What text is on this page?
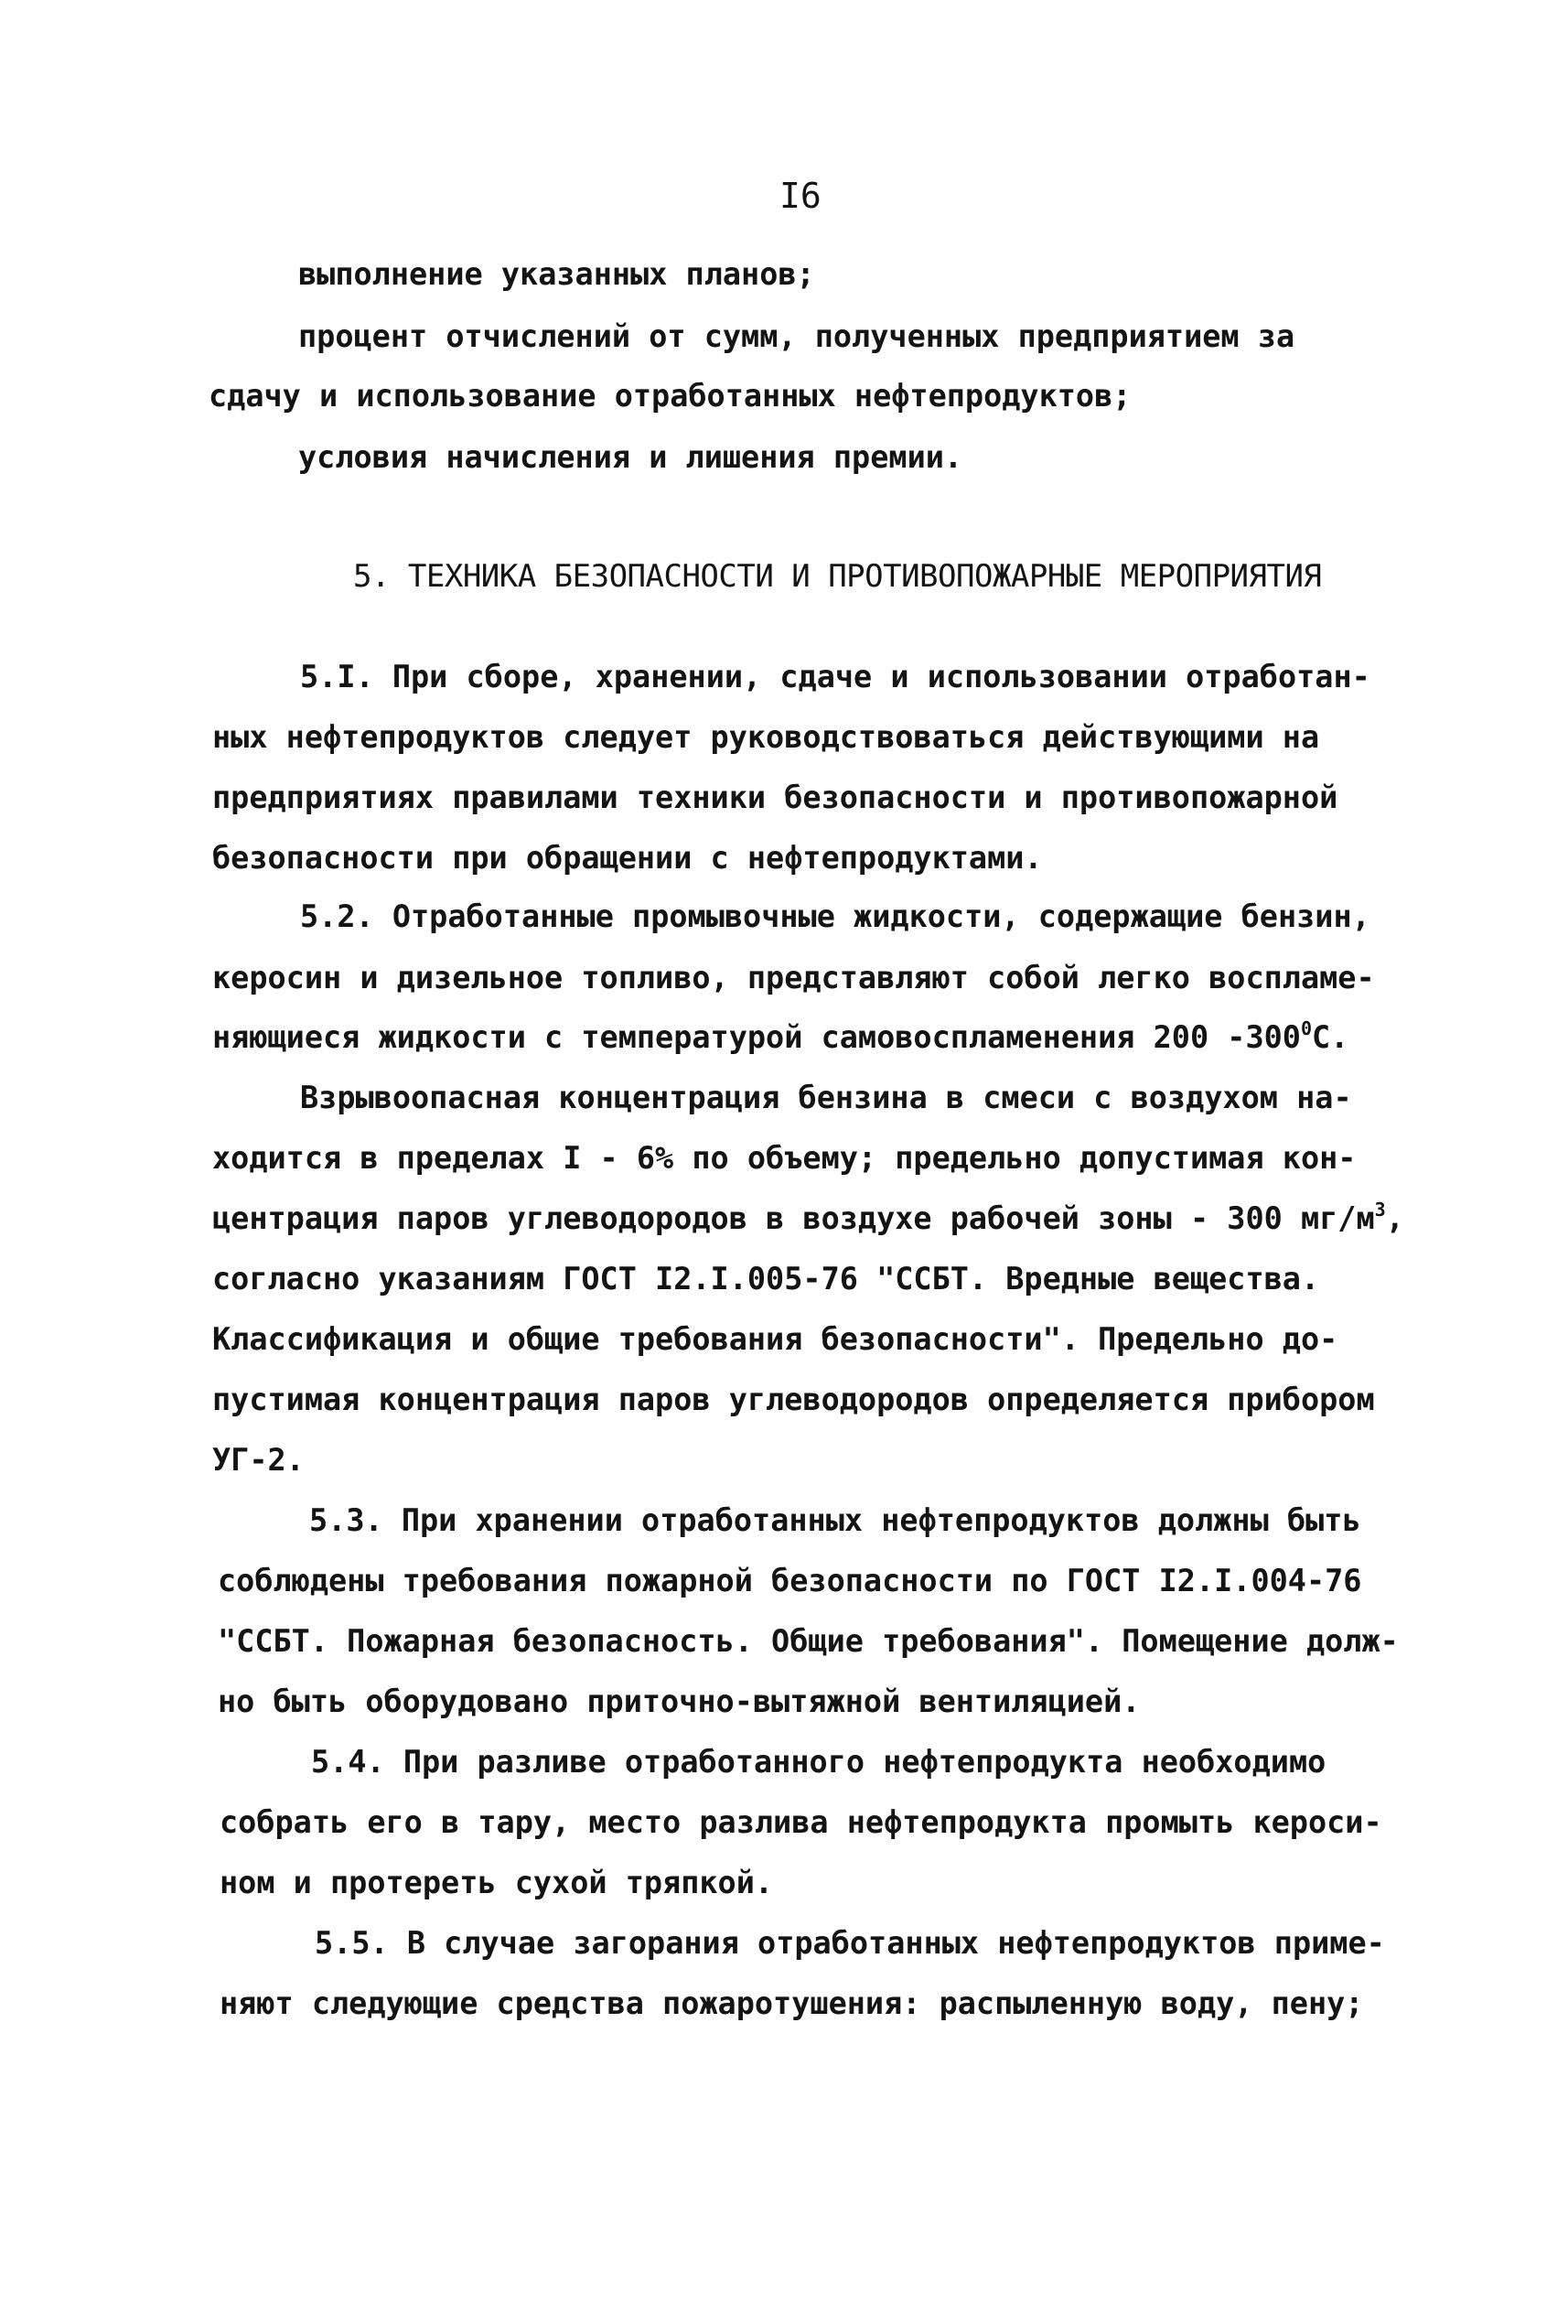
I6
выполнение указанных планов;
процент отчислений от сумм, полученных предприятием за
сдачу и использование отработанных нефтепродуктов;
условия начисления и лишения премии.
5. ТЕХНИКА БЕЗОПАСНОСТИ И ПРОТИВОПОЖАРНЫЕ МЕРОПРИЯТИЯ
5.I. При сборе, хранении, сдаче и использовании отработан-
ных нефтепродуктов следует руководствоваться действующими на
предприятиях правилами техники безопасности и противопожарной
безопасности при обращении с нефтепродуктами.
5.2. Отработанные промывочные жидкости, содержащие бензин,
керосин и дизельное топливо, представляют собой легко воспламе-
няющиеся жидкости с температурой самовоспламенения 200 $-300^0С$.
Взрывоопасная концентрация бензина в смеси с воздухом на-
ходится в пределах I - 6% по объему; предельно допустимая кон-
центрация паров углеводородов в воздухе рабочей зоны - 300 $мг/м^3$,
согласно указаниям ГОСТ I2.I.005-76 "ССБТ. Вредные вещества.
Классификация и общие требования безопасности". Предельно до-
пустимая концентрация паров углеводородов определяется прибором
УГ-2.
5.3. При хранении отработанных нефтепродуктов должны быть
соблюдены требования пожарной безопасности по ГОСТ I2.I.004-76
"ССБТ. Пожарная безопасность. Общие требования". Помещение долж-
но быть оборудовано приточно-вытяжной вентиляцией.
5.4. При разливе отработанного нефтепродукта необходимо
собрать его в тару, место разлива нефтепродукта промыть кероси-
ном и протереть сухой тряпкой.
5.5. В случае загорания отработанных нефтепродуктов приме-
няют следующие средства пожаротушения: распыленную воду, пену;
